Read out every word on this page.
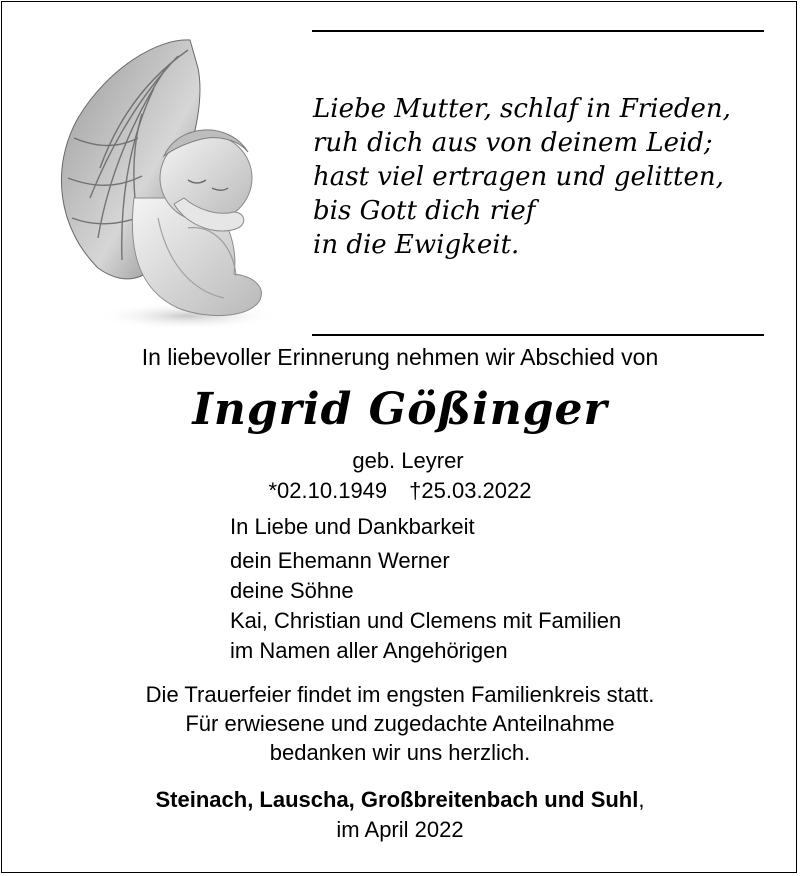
Liebe Mutter, schlaf in Frieden,
ruh dich aus von deinem Leid;
hast viel ertragen und gelitten,
bis Gott dich rief
in die Ewigkeit.
In liebevoller Erinnerung nehmen wir Abschied von
Ingrid Gößinger
geb. Leyrer
*02.10.1949 †25.03.2022
In Liebe und Dankbarkeit
dein Ehemann Werner
deine Söhne
Kai, Christian und Clemens mit Familien
im Namen aller Angehörigen
Die Trauerfeier findet im engsten Familienkreis statt.
Für erwiesene und zugedachte Anteilnahme
bedanken wir uns herzlich.
Steinach, Lauscha, Großbreitenbach und Suhl,
im April 2022
